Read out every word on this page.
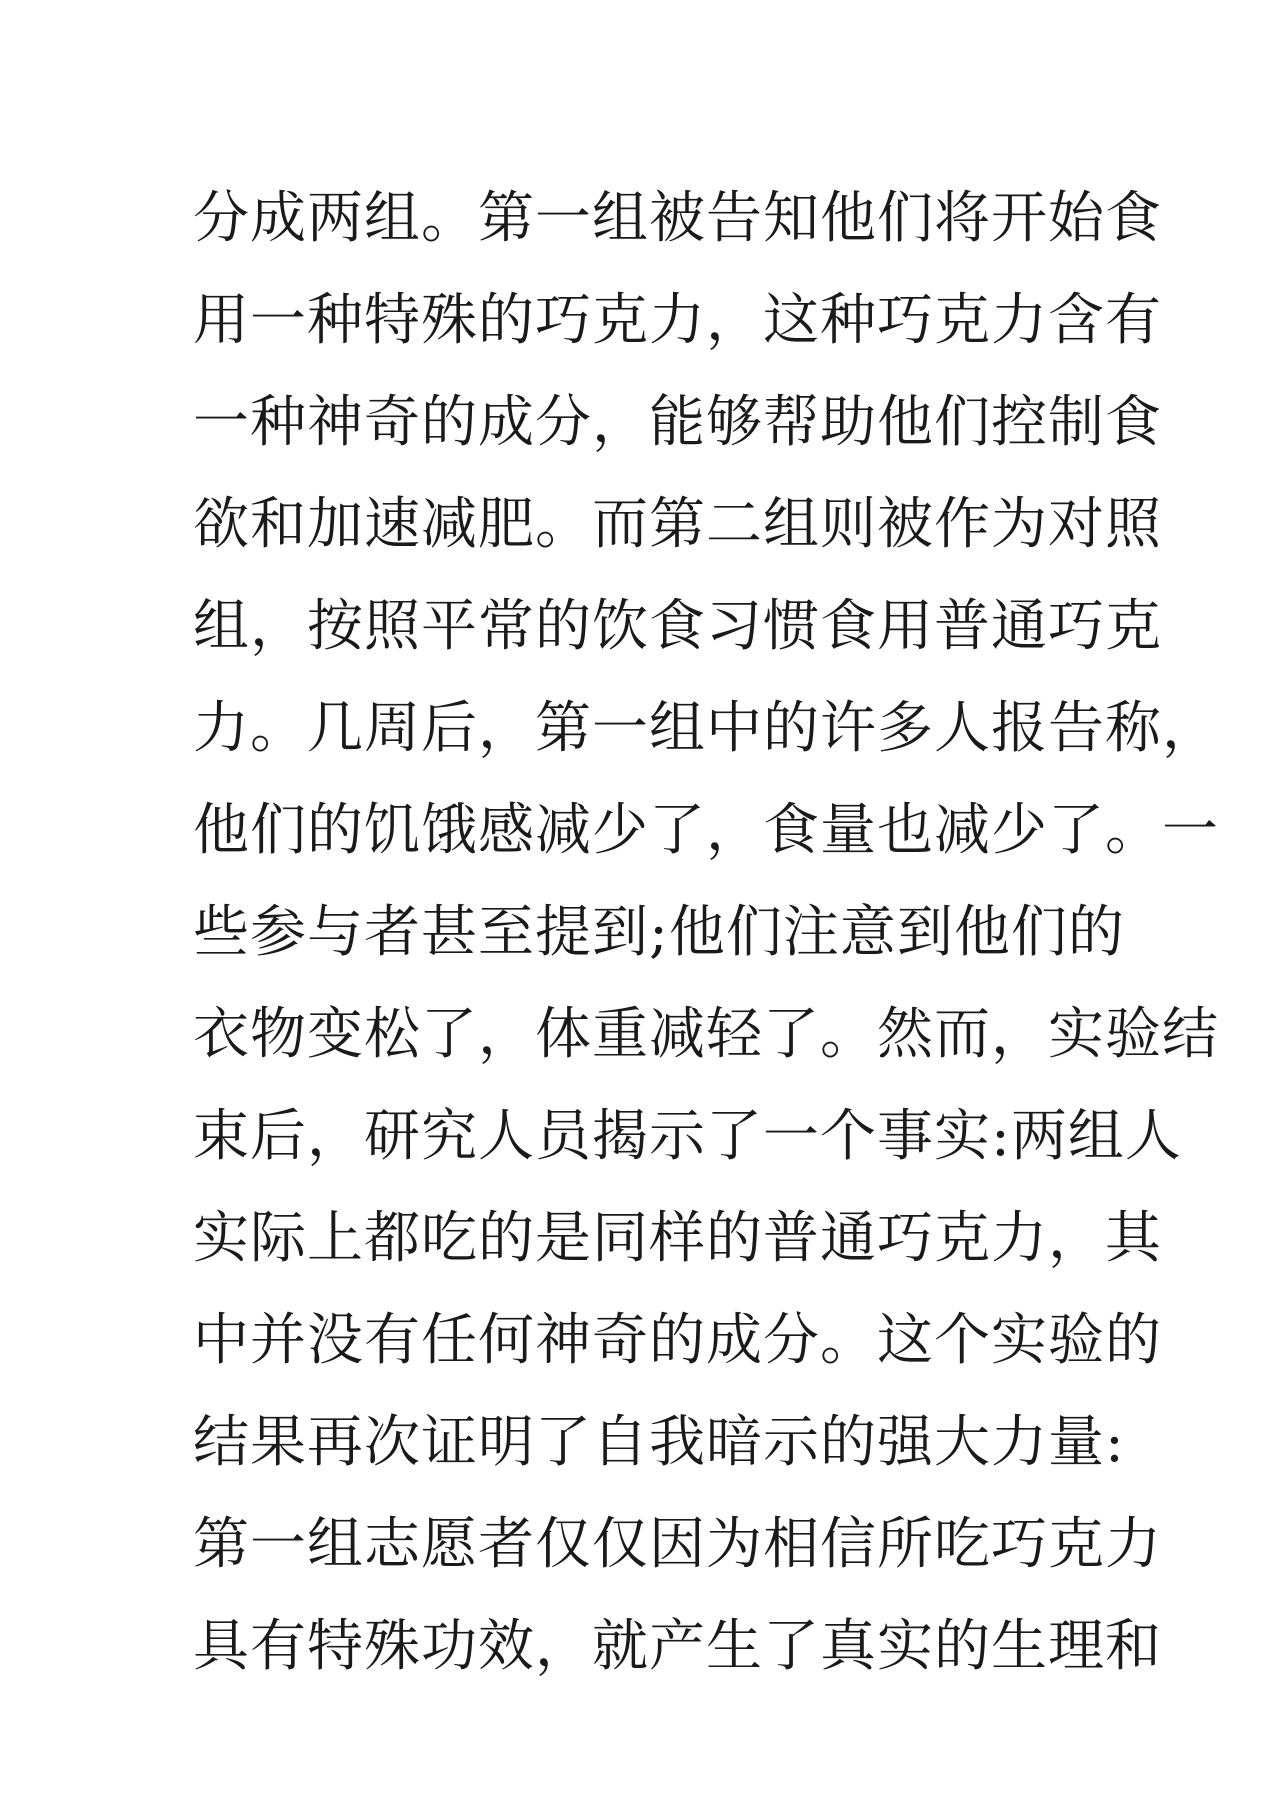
分成两组。第一组被告知他们将开始食
用一种特殊的巧克力，这种巧克力含有
一种神奇的成分，能够帮助他们控制食
欲和加速减肥。而第二组则被作为对照
组，按照平常的饮食习惯食用普通巧克
力。几周后，第一组中的许多人报告称，
他们的饥饿感减少了，食量也减少了。一
些参与者甚至提到;他们注意到他们的
衣物变松了，体重减轻了。然而，实验结
束后，研究人员揭示了一个事实:两组人
实际上都吃的是同样的普通巧克力，其
中并没有任何神奇的成分。这个实验的
结果再次证明了自我暗示的强大力量:
第一组志愿者仅仅因为相信所吃巧克力
具有特殊功效，就产生了真实的生理和
